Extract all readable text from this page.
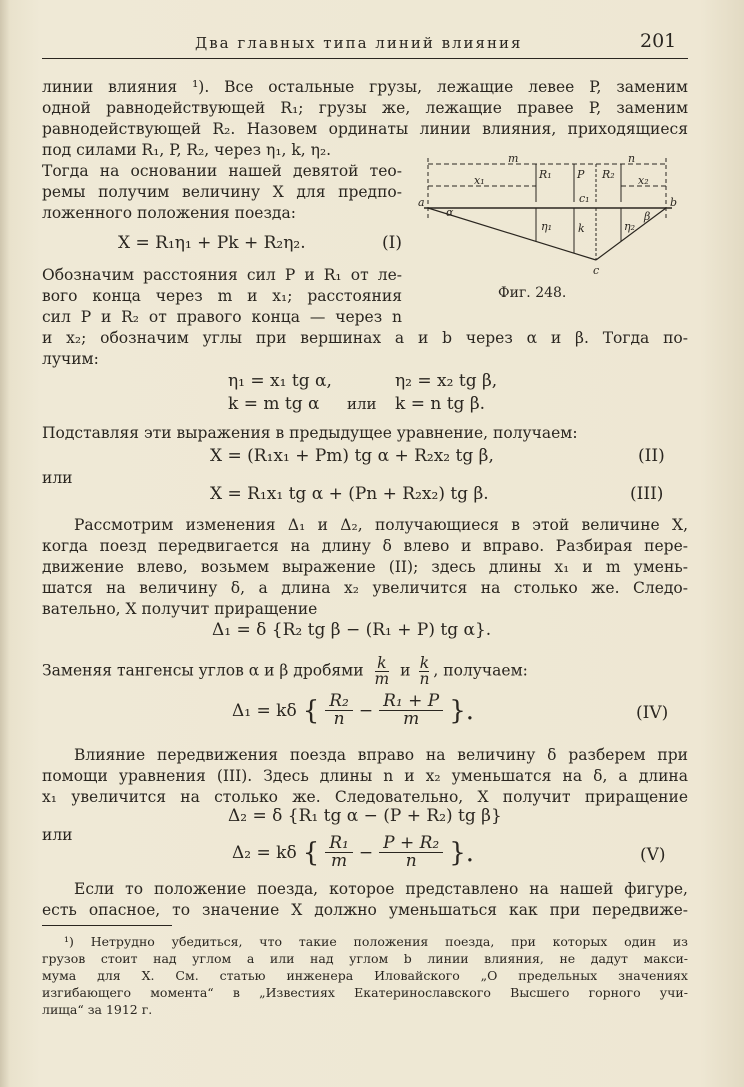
Два главных типа линий влияния	201
линии влияния ¹). Все остальные грузы, лежащие левее P, заменим
одной равнодействующей R₁; грузы же, лежащие правее P, заменим
равнодействующей R₂. Назовем ординаты линии влияния, приходящиеся
под силами R₁, P, R₂, через η₁, k, η₂.
Тогда на основании нашей девятой тео-
ремы получим величину X для предпо-
ложенного положения поезда:
X = R₁η₁ + Pk + R₂η₂.	(I)
m	n
x₁	x₂
R₁ P R₂
c₁
a	b
α
η₁ k	η₂
β
c
Фиг. 248.
Обозначим расстояния сил P и R₁ от ле-
вого конца через m и x₁; расстояния
сил P и R₂ от правого конца — через n
и x₂; обозначим углы при вершинах a и b через α и β. Тогда по-
лучим:
η₁ = x₁ tg α,	η₂ = x₂ tg β,
k = m tg α или k = n tg β.
Подставляя эти выражения в предыдущее уравнение, получаем:
X = (R₁x₁ + Pm) tg α + R₂x₂ tg β,	(II)
или
X = R₁x₁ tg α + (Pn + R₂x₂) tg β.	(III)
Рассмотрим изменения Δ₁ и Δ₂, получающиеся в этой величине X,
когда поезд передвигается на длину δ влево и вправо. Разбирая пере-
движение влево, возьмем выражение (II); здесь длины x₁ и m умень-
шатся на величину δ, а длина x₂ увеличится на столько же. Следо-
вательно, X получит приращение
Δ₁ = δ {R₂ tg β − (R₁ + P) tg α}.
Заменяя тангенсы углов α и β дробями $\frac{k}{m}$ и $\frac{k}{n}$ , получаем:
Δ₁ = kδ { $\frac{\text{R₂}}{n} - \frac{\text{R₁ + P}}{m}$ }.	(IV)
Влияние передвижения поезда вправо на величину δ разберем при
помощи уравнения (III). Здесь длины n и x₂ уменьшатся на δ, а длина
x₁ увеличится на столько же. Следовательно, X получит приращение
Δ₂ = δ {R₁ tg α − (P + R₂) tg β}
или
Δ₂ = kδ { $\frac{\text{R₁}}{m} - \frac{\text{P + R₂}}{n}$ }.	(V)
Если то положение поезда, которое представлено на нашей фигуре,
есть опасное, то значение X должно уменьшаться как при передвиже-
¹) Нетрудно убедиться, что такие положения поезда, при которых один из
грузов стоит над углом a или над углом b линии влияния, не дадут макси-
мума для X. См. статью инженера Иловайского „О предельных значениях
изгибающего момента“ в „Известиях Екатеринославского Высшего горного учи-
лища“ за 1912 г.
